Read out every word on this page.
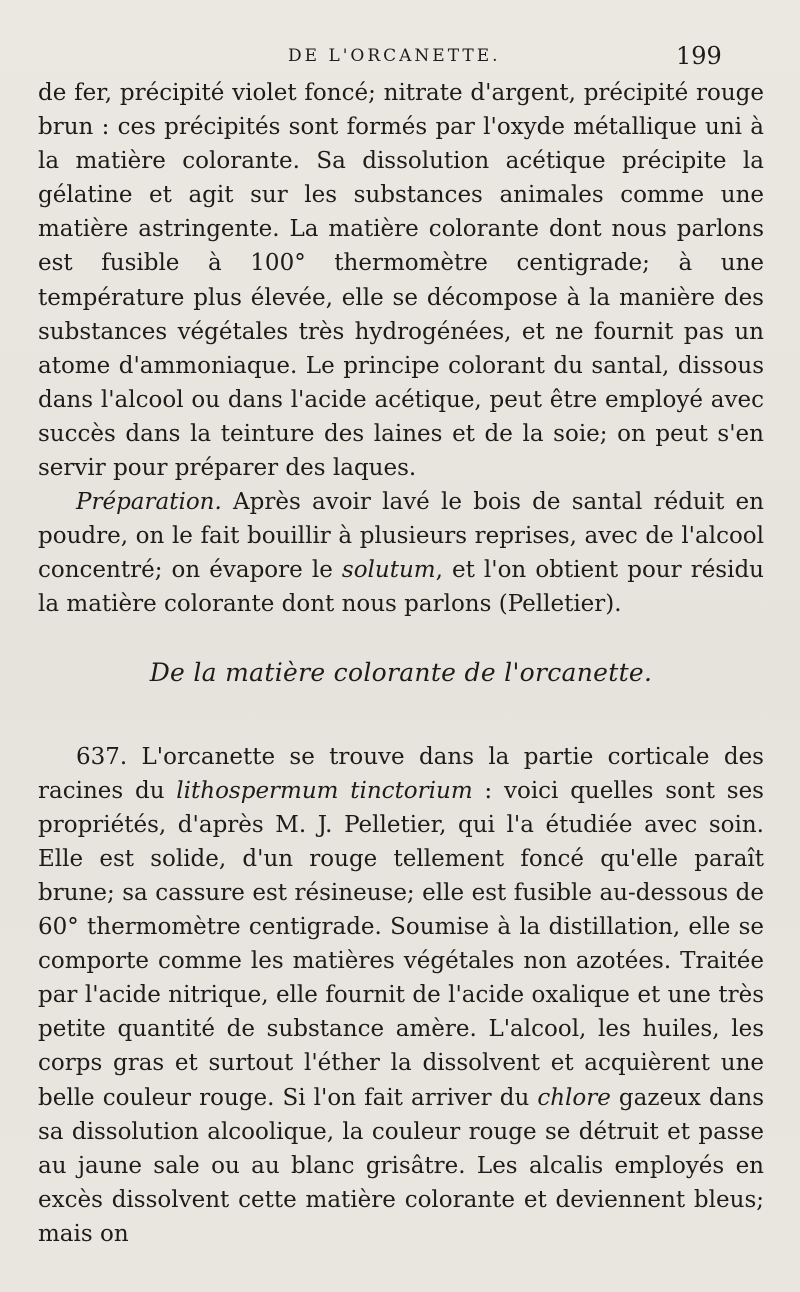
DE L'ORCANETTE.	199

de fer, précipité violet foncé; nitrate d'argent, précipité rouge brun : ces précipités sont formés par l'oxyde métallique uni à la matière colorante. Sa dissolution acétique précipite la gélatine et agit sur les substances animales comme une matière astringente. La matière colorante dont nous parlons est fusible à 100° thermomètre centigrade; à une température plus élevée, elle se décompose à la manière des substances végétales très hydrogénées, et ne fournit pas un atome d'ammoniaque. Le principe colorant du santal, dissous dans l'alcool ou dans l'acide acétique, peut être employé avec succès dans la teinture des laines et de la soie; on peut s'en servir pour préparer des laques.

Préparation. Après avoir lavé le bois de santal réduit en poudre, on le fait bouillir à plusieurs reprises, avec de l'alcool concentré; on évapore le solutum, et l'on obtient pour résidu la matière colorante dont nous parlons (Pelletier).

De la matière colorante de l'orcanette.

637. L'orcanette se trouve dans la partie corticale des racines du lithospermum tinctorium : voici quelles sont ses propriétés, d'après M. J. Pelletier, qui l'a étudiée avec soin. Elle est solide, d'un rouge tellement foncé qu'elle paraît brune; sa cassure est résineuse; elle est fusible au-dessous de 60° thermomètre centigrade. Soumise à la distillation, elle se comporte comme les matières végétales non azotées. Traitée par l'acide nitrique, elle fournit de l'acide oxalique et une très petite quantité de substance amère. L'alcool, les huiles, les corps gras et surtout l'éther la dissolvent et acquièrent une belle couleur rouge. Si l'on fait arriver du chlore gazeux dans sa dissolution alcoolique, la couleur rouge se détruit et passe au jaune sale ou au blanc grisâtre. Les alcalis employés en excès dissolvent cette matière colorante et deviennent bleus; mais on
